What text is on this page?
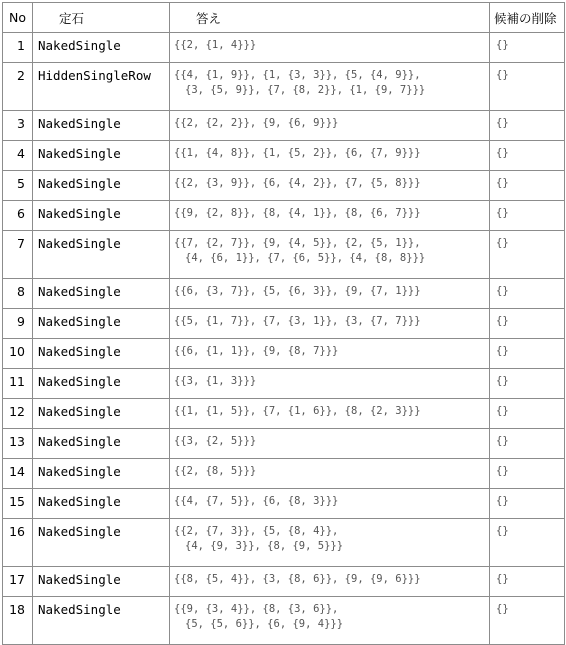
No	定石	答え	候補の削除
1	NakedSingle	{{2, {1, 4}}}	{}
2	HiddenSingleRow	{{4, {1, 9}}, {1, {3, 3}}, {5, {4, 9}},
{3, {5, 9}}, {7, {8, 2}}, {1, {9, 7}}}	{}
3	NakedSingle	{{2, {2, 2}}, {9, {6, 9}}}	{}
4	NakedSingle	{{1, {4, 8}}, {1, {5, 2}}, {6, {7, 9}}}	{}
5	NakedSingle	{{2, {3, 9}}, {6, {4, 2}}, {7, {5, 8}}}	{}
6	NakedSingle	{{9, {2, 8}}, {8, {4, 1}}, {8, {6, 7}}}	{}
7	NakedSingle	{{7, {2, 7}}, {9, {4, 5}}, {2, {5, 1}},
{4, {6, 1}}, {7, {6, 5}}, {4, {8, 8}}}	{}
8	NakedSingle	{{6, {3, 7}}, {5, {6, 3}}, {9, {7, 1}}}	{}
9	NakedSingle	{{5, {1, 7}}, {7, {3, 1}}, {3, {7, 7}}}	{}
10	NakedSingle	{{6, {1, 1}}, {9, {8, 7}}}	{}
11	NakedSingle	{{3, {1, 3}}}	{}
12	NakedSingle	{{1, {1, 5}}, {7, {1, 6}}, {8, {2, 3}}}	{}
13	NakedSingle	{{3, {2, 5}}}	{}
14	NakedSingle	{{2, {8, 5}}}	{}
15	NakedSingle	{{4, {7, 5}}, {6, {8, 3}}}	{}
16	NakedSingle	{{2, {7, 3}}, {5, {8, 4}},
{4, {9, 3}}, {8, {9, 5}}}	{}
17	NakedSingle	{{8, {5, 4}}, {3, {8, 6}}, {9, {9, 6}}}	{}
18	NakedSingle	{{9, {3, 4}}, {8, {3, 6}},
{5, {5, 6}}, {6, {9, 4}}}	{}
